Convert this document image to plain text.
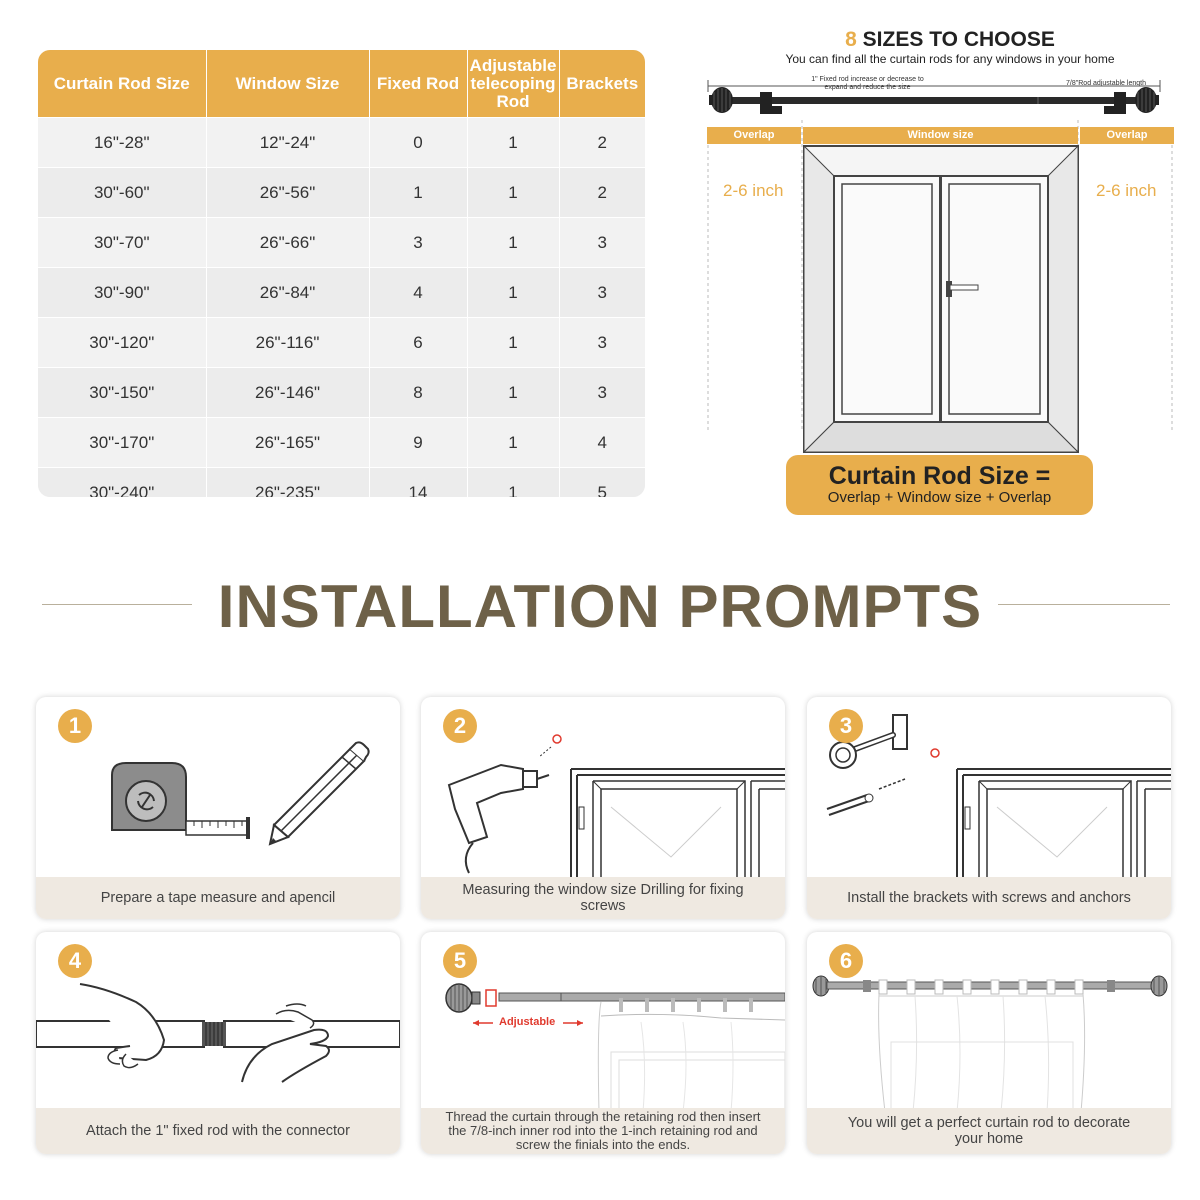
Curtain Rod Size	Window Size	Fixed Rod	Adjustable telecoping Rod	Brackets
16"-28"	12"-24"	0	1	2
30"-60"	26"-56"	1	1	2
30"-70"	26"-66"	3	1	3
30"-90"	26"-84"	4	1	3
30"-120"	26"-116"	6	1	3
30"-150"	26"-146"	8	1	3
30"-170"	26"-165"	9	1	4
30"-240"	26"-235"	14	1	5
8 SIZES TO CHOOSE
You can find all the curtain rods for any windows in your home
1" Fixed rod increase or decrease to expand and reduce the size
7/8"Rod adjustable length
Overlap	Window size	Overlap
2-6 inch	2-6 inch
Curtain Rod Size =
Overlap + Window size + Overlap
INSTALLATION PROMPTS
1
Prepare a tape measure and apencil
2
Measuring the window size Drilling for fixing screws
3
Install the brackets with screws and anchors
4
Attach the 1" fixed rod with the connector
5
Adjustable
Thread the curtain through the retaining rod then insert the 7/8-inch inner rod into the 1-inch retaining rod and screw the finials into the ends.
6
You will get a perfect curtain rod to decorate your home
